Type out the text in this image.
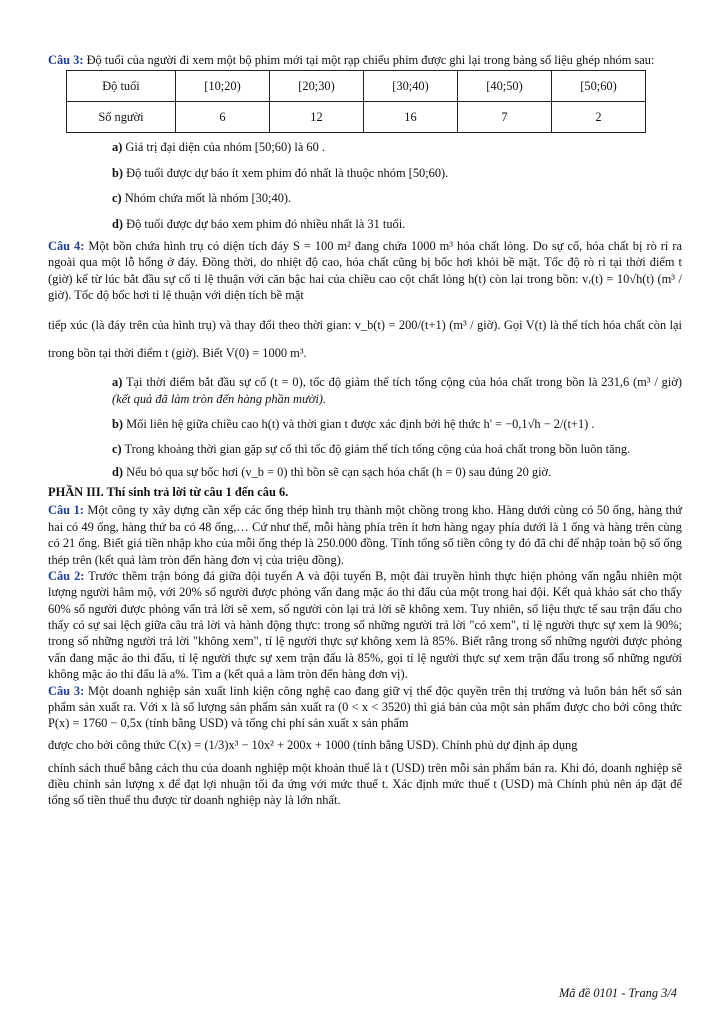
Câu 3: Độ tuổi của người đi xem một bộ phim mới tại một rạp chiếu phim được ghi lại trong bảng số liệu ghép nhóm sau:

Độ tuổi	[10;20)	[20;30)	[30;40)	[40;50)	[50;60)
Số người	6	12	16	7	2

a) Giá trị đại diện của nhóm [50;60) là 60 .

b) Độ tuổi được dự báo ít xem phim đó nhất là thuộc nhóm [50;60).

c) Nhóm chứa mốt là nhóm [30;40).

d) Độ tuổi được dự báo xem phim đó nhiều nhất là 31 tuổi.

Câu 4: Một bồn chứa hình trụ có diện tích đáy S = 100 m² đang chứa 1000 m³ hóa chất lỏng. Do sự cố, hóa chất bị rò rỉ ra ngoài qua một lỗ hổng ở đáy. Đồng thời, do nhiệt độ cao, hóa chất cũng bị bốc hơi khỏi bề mặt. Tốc độ rò rỉ tại thời điểm t (giờ) kể từ lúc bắt đầu sự cố tỉ lệ thuận với căn bậc hai của chiều cao cột chất lỏng h(t) còn lại trong bồn: vᵣ(t) = 10√h(t) (m³ / giờ). Tốc độ bốc hơi tỉ lệ thuận với diện tích bề mặt

tiếp xúc (là đáy trên của hình trụ) và thay đổi theo thời gian: v_b(t) = 200/(t+1) (m³ / giờ). Gọi V(t) là thể tích hóa chất còn lại trong bồn tại thời điểm t (giờ). Biết V(0) = 1000 m³.

a) Tại thời điểm bắt đầu sự cố (t = 0), tốc độ giảm thể tích tổng cộng của hóa chất trong bồn là 231,6 (m³ / giờ) (kết quả đã làm tròn đến hàng phần mười).

b) Mối liên hệ giữa chiều cao h(t) và thời gian t được xác định bởi hệ thức h' = −0,1√h − 2/(t+1) .

c) Trong khoảng thời gian gặp sự cố thì tốc độ giảm thể tích tổng cộng của hoá chất trong bồn luôn tăng.

d) Nếu bỏ qua sự bốc hơi (v_b = 0) thì bồn sẽ cạn sạch hóa chất (h = 0) sau đúng 20 giờ.

PHẦN III. Thí sinh trả lời từ câu 1 đến câu 6.

Câu 1: Một công ty xây dựng cần xếp các ống thép hình trụ thành một chồng trong kho. Hàng dưới cùng có 50 ống, hàng thứ hai có 49 ống, hàng thứ ba có 48 ống,… Cứ như thế, mỗi hàng phía trên ít hơn hàng ngay phía dưới là 1 ống và hàng trên cùng có 21 ống. Biết giá tiền nhập kho của mỗi ống thép là 250.000 đồng. Tính tổng số tiền công ty đó đã chi để nhập toàn bộ số ống thép trên (kết quả làm tròn đến hàng đơn vị của triệu đồng).

Câu 2: Trước thềm trận bóng đá giữa đội tuyển A và đội tuyển B, một đài truyền hình thực hiện phỏng vấn ngẫu nhiên một lượng người hâm mộ, với 20% số người được phỏng vấn đang mặc áo thi đấu của một trong hai đội. Kết quả khảo sát cho thấy 60% số người được phỏng vấn trả lời sẽ xem, số người còn lại trả lời sẽ không xem. Tuy nhiên, số liệu thực tế sau trận đấu cho thấy có sự sai lệch giữa câu trả lời và hành động thực: trong số những người trả lời "có xem", tỉ lệ người thực sự xem là 90%; trong số những người trả lời "không xem", tỉ lệ người thực sự không xem là 85%. Biết rằng trong số những người được phỏng vấn đang mặc áo thi đấu, tỉ lệ người thực sự xem trận đấu là 85%, gọi tỉ lệ người thực sự xem trận đấu trong số những người không mặc áo thi đấu là a%. Tìm a (kết quả a làm tròn đến hàng đơn vị).

Câu 3: Một doanh nghiệp sản xuất linh kiện công nghệ cao đang giữ vị thế độc quyền trên thị trường và luôn bán hết số sản phẩm sản xuất ra. Với x là số lượng sản phẩm sản xuất ra (0 < x < 3520) thì giá bán của một sản phẩm được cho bởi công thức P(x) = 1760 − 0,5x (tính bằng USD) và tổng chi phí sản xuất x sản phẩm

được cho bởi công thức C(x) = (1/3)x³ − 10x² + 200x + 1000 (tính bằng USD). Chính phủ dự định áp dụng

chính sách thuế bằng cách thu của doanh nghiệp một khoản thuế là t (USD) trên mỗi sản phẩm bán ra. Khi đó, doanh nghiệp sẽ điều chỉnh sản lượng x để đạt lợi nhuận tối đa ứng với mức thuế t. Xác định mức thuế t (USD) mà Chính phủ nên áp đặt để tổng số tiền thuế thu được từ doanh nghiệp này là lớn nhất.

Mã đề 0101 - Trang 3/4
